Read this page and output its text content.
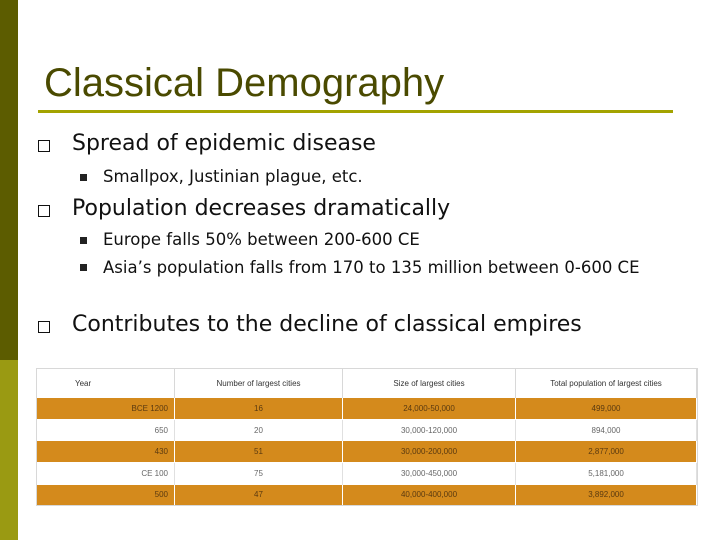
Classical Demography
Spread of epidemic disease
Smallpox, Justinian plague, etc.
Population decreases dramatically
Europe falls 50% between 200-600 CE
Asia’s population falls from 170 to 135 million between 0-600 CE
Contributes to the decline of classical empires
Year	Number of largest cities	Size of largest cities	Total population of largest cities
BCE 1200	16	24,000-50,000	499,000
650	20	30,000-120,000	894,000
430	51	30,000-200,000	2,877,000
CE 100	75	30,000-450,000	5,181,000
500	47	40,000-400,000	3,892,000
